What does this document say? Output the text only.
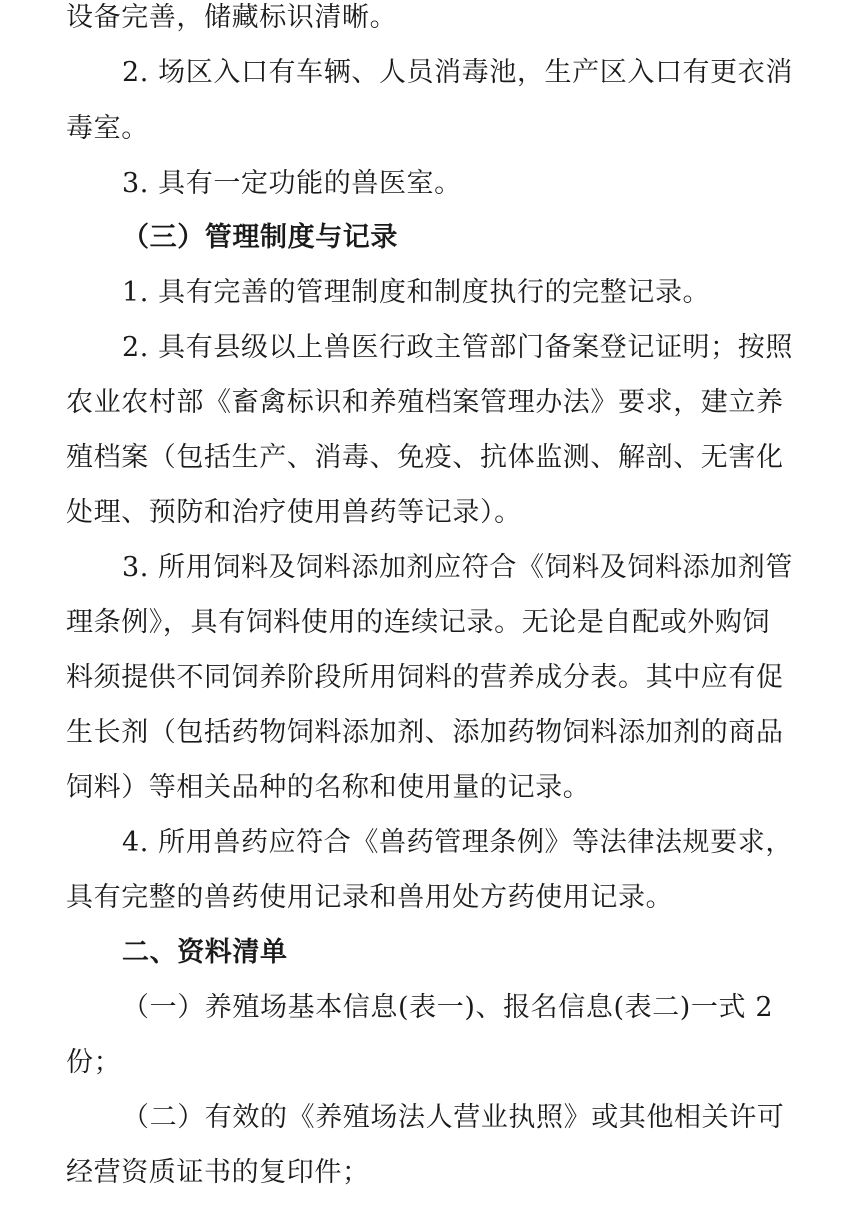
设备完善，储藏标识清晰。
2. 场区入口有车辆、人员消毒池，生产区入口有更衣消
毒室。
3. 具有一定功能的兽医室。
（三）管理制度与记录
1. 具有完善的管理制度和制度执行的完整记录。
2. 具有县级以上兽医行政主管部门备案登记证明；按照
农业农村部《畜禽标识和养殖档案管理办法》要求，建立养
殖档案（包括生产、消毒、免疫、抗体监测、解剖、无害化
处理、预防和治疗使用兽药等记录）。
3. 所用饲料及饲料添加剂应符合《饲料及饲料添加剂管
理条例》，具有饲料使用的连续记录。无论是自配或外购饲
料须提供不同饲养阶段所用饲料的营养成分表。其中应有促
生长剂（包括药物饲料添加剂、添加药物饲料添加剂的商品
饲料）等相关品种的名称和使用量的记录。
4. 所用兽药应符合《兽药管理条例》等法律法规要求，
具有完整的兽药使用记录和兽用处方药使用记录。
二、资料清单
（一）养殖场基本信息(表一)、报名信息(表二)一式 2
份；
（二）有效的《养殖场法人营业执照》或其他相关许可
经营资质证书的复印件；
